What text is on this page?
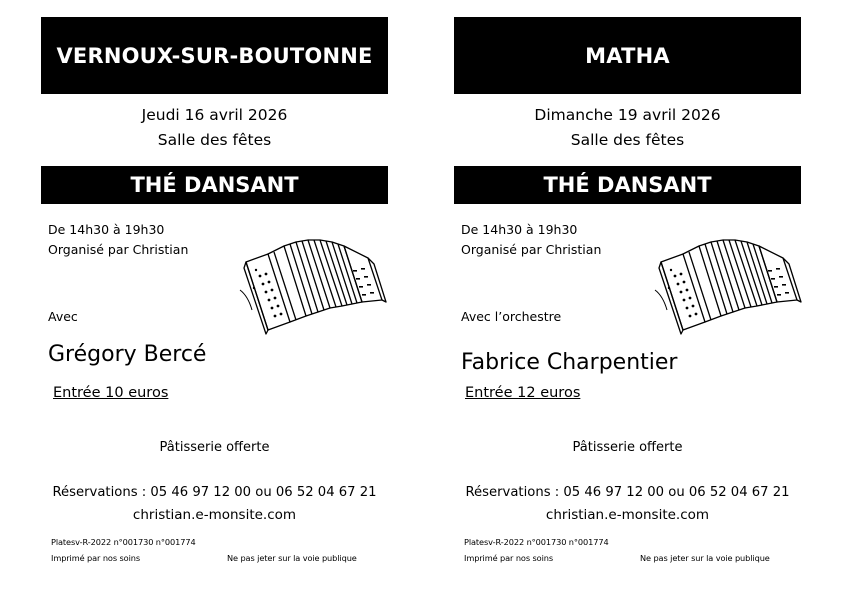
VERNOUX-SUR-BOUTONNE
Jeudi 16 avril 2026
Salle des fêtes
THÉ DANSANT
De 14h30 à 19h30
Organisé par Christian
Avec
Grégory Bercé
Entrée 10 euros
Pâtisserie offerte
Réservations : 05 46 97 12 00 ou 06 52 04 67 21
christian.e-monsite.com
Platesv-R-2022 n°001730 n°001774
Imprimé par nos soins	Ne pas jeter sur la voie publique
MATHA
Dimanche 19 avril 2026
Salle des fêtes
THÉ DANSANT
De 14h30 à 19h30
Organisé par Christian
Avec l’orchestre
Fabrice Charpentier
Entrée 12 euros
Pâtisserie offerte
Réservations : 05 46 97 12 00 ou 06 52 04 67 21
christian.e-monsite.com
Platesv-R-2022 n°001730 n°001774
Imprimé par nos soins	Ne pas jeter sur la voie publique
